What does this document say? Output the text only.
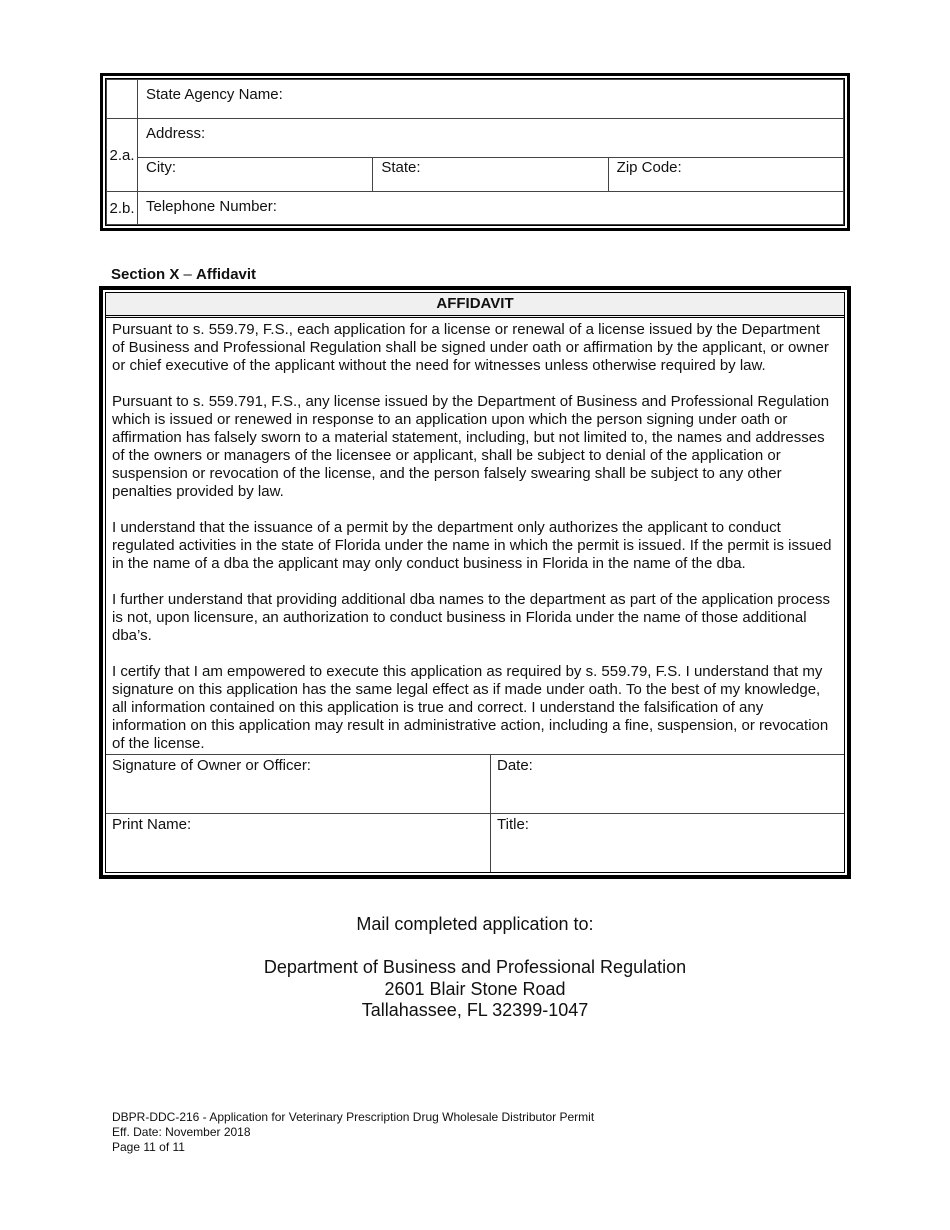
	State Agency Name:		
2.a.	Address:		
	City:	State:	Zip Code:
2.b.	Telephone Number:		
Section X – Affidavit
AFFIDAVIT

Pursuant to s. 559.79, F.S., each application for a license or renewal of a license issued by the Department of Business and Professional Regulation shall be signed under oath or affirmation by the applicant, or owner or chief executive of the applicant without the need for witnesses unless otherwise required by law.

Pursuant to s. 559.791, F.S., any license issued by the Department of Business and Professional Regulation which is issued or renewed in response to an application upon which the person signing under oath or affirmation has falsely sworn to a material statement, including, but not limited to, the names and addresses of the owners or managers of the licensee or applicant, shall be subject to denial of the application or suspension or revocation of the license, and the person falsely swearing shall be subject to any other penalties provided by law.

I understand that the issuance of a permit by the department only authorizes the applicant to conduct regulated activities in the state of Florida under the name in which the permit is issued. If the permit is issued in the name of a dba the applicant may only conduct business in Florida in the name of the dba.

I further understand that providing additional dba names to the department as part of the application process is not, upon licensure, an authorization to conduct business in Florida under the name of those additional dba’s.

I certify that I am empowered to execute this application as required by s. 559.79, F.S. I understand that my signature on this application has the same legal effect as if made under oath. To the best of my knowledge, all information contained on this application is true and correct. I understand the falsification of any information on this application may result in administrative action, including a fine, suspension, or revocation of the license.

Signature of Owner or Officer:	Date:
Print Name:	Title:
Mail completed application to:
Department of Business and Professional Regulation
2601 Blair Stone Road
Tallahassee, FL 32399-1047
DBPR-DDC-216 - Application for Veterinary Prescription Drug Wholesale Distributor Permit
Eff. Date: November 2018
Page 11 of 11
